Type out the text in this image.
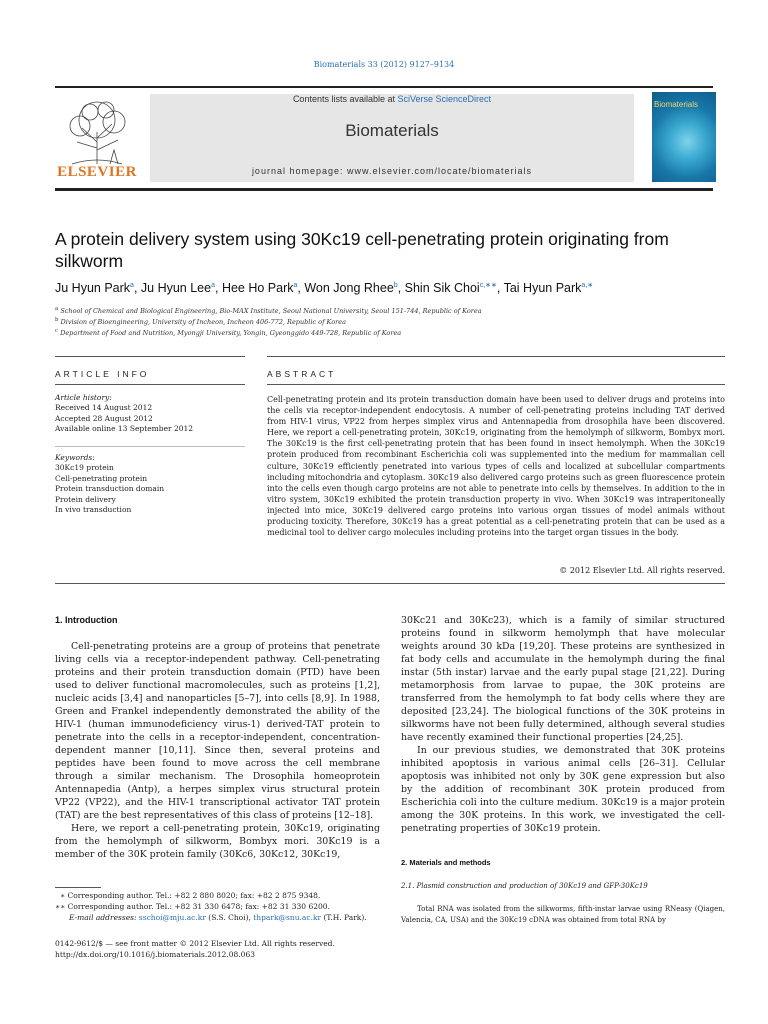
Biomaterials 33 (2012) 9127–9134
ELSEVIER
Contents lists available at SciVerse ScienceDirect
Biomaterials
journal homepage: www.elsevier.com/locate/biomaterials
Biomaterials
A protein delivery system using 30Kc19 cell-penetrating protein originating from silkworm
Ju Hyun Park$^a$, Ju Hyun Lee$^a$, Hee Ho Park$^a$, Won Jong Rhee$^b$, Shin Sik Choi$^{c,∗∗}$, Tai Hyun Park$^{a,∗}$
$^a$ School of Chemical and Biological Engineering, Bio-MAX Institute, Seoul National University, Seoul 151-744, Republic of Korea
$^b$ Division of Bioengineering, University of Incheon, Incheon 406-772, Republic of Korea
$^c$ Department of Food and Nutrition, Myongji University, Yongin, Gyeonggido 449-728, Republic of Korea
ARTICLE INFO	ABSTRACT
Article history:
Received 14 August 2012
Accepted 28 August 2012
Available online 13 September 2012
Keywords:
30Kc19 protein
Cell-penetrating protein
Protein transduction domain
Protein delivery
In vivo transduction
Cell-penetrating protein and its protein transduction domain have been used to deliver drugs and proteins into the cells via receptor-independent endocytosis. A number of cell-penetrating proteins including TAT derived from HIV-1 virus, VP22 from herpes simplex virus and Antennapedia from drosophila have been discovered. Here, we report a cell-penetrating protein, 30Kc19, originating from the hemolymph of silkworm, Bombyx mori. The 30Kc19 is the first cell-penetrating protein that has been found in insect hemolymph. When the 30Kc19 protein produced from recombinant Escherichia coli was supplemented into the medium for mammalian cell culture, 30Kc19 efficiently penetrated into various types of cells and localized at subcellular compartments including mitochondria and cytoplasm. 30Kc19 also delivered cargo proteins such as green fluorescence protein into the cells even though cargo proteins are not able to penetrate into cells by themselves. In addition to the in vitro system, 30Kc19 exhibited the protein transduction property in vivo. When 30Kc19 was intraperitoneally injected into mice, 30Kc19 delivered cargo proteins into various organ tissues of model animals without producing toxicity. Therefore, 30Kc19 has a great potential as a cell-penetrating protein that can be used as a medicinal tool to deliver cargo molecules including proteins into the target organ tissues in the body.
© 2012 Elsevier Ltd. All rights reserved.
1. Introduction

Cell-penetrating proteins are a group of proteins that penetrate living cells via a receptor-independent pathway. Cell-penetrating proteins and their protein transduction domain (PTD) have been used to deliver functional macromolecules, such as proteins [1,2], nucleic acids [3,4] and nanoparticles [5–7], into cells [8,9]. In 1988, Green and Frankel independently demonstrated the ability of the HIV-1 (human immunodeficiency virus-1) derived-TAT protein to penetrate into the cells in a receptor-independent, concentration-dependent manner [10,11]. Since then, several proteins and peptides have been found to move across the cell membrane through a similar mechanism. The Drosophila homeoprotein Antennapedia (Antp), a herpes simplex virus structural protein VP22 (VP22), and the HIV-1 transcriptional activator TAT protein (TAT) are the best representatives of this class of proteins [12–18].

Here, we report a cell-penetrating protein, 30Kc19, originating from the hemolymph of silkworm, Bombyx mori. 30Kc19 is a member of the 30K protein family (30Kc6, 30Kc12, 30Kc19,

30Kc21 and 30Kc23), which is a family of similar structured proteins found in silkworm hemolymph that have molecular weights around 30 kDa [19,20]. These proteins are synthesized in fat body cells and accumulate in the hemolymph during the final instar (5th instar) larvae and the early pupal stage [21,22]. During metamorphosis from larvae to pupae, the 30K proteins are transferred from the hemolymph to fat body cells where they are deposited [23,24]. The biological functions of the 30K proteins in silkworms have not been fully determined, although several studies have recently examined their functional properties [24,25].

In our previous studies, we demonstrated that 30K proteins inhibited apoptosis in various animal cells [26–31]. Cellular apoptosis was inhibited not only by 30K gene expression but also by the addition of recombinant 30K protein produced from Escherichia coli into the culture medium. 30Kc19 is a major protein among the 30K proteins. In this work, we investigated the cell-penetrating properties of 30Kc19 protein.

2. Materials and methods
2.1. Plasmid construction and production of 30Kc19 and GFP-30Kc19
Total RNA was isolated from the silkworms, fifth-instar larvae using RNeasy (Qiagen, Valencia, CA, USA) and the 30Kc19 cDNA was obtained from total RNA by
∗ Corresponding author. Tel.: +82 2 880 8020; fax: +82 2 875 9348.
∗∗ Corresponding author. Tel.: +82 31 330 6478; fax: +82 31 330 6200.
E-mail addresses: sschoi@mju.ac.kr (S.S. Choi), thpark@snu.ac.kr (T.H. Park).
0142-9612/$ — see front matter © 2012 Elsevier Ltd. All rights reserved.
http://dx.doi.org/10.1016/j.biomaterials.2012.08.063
